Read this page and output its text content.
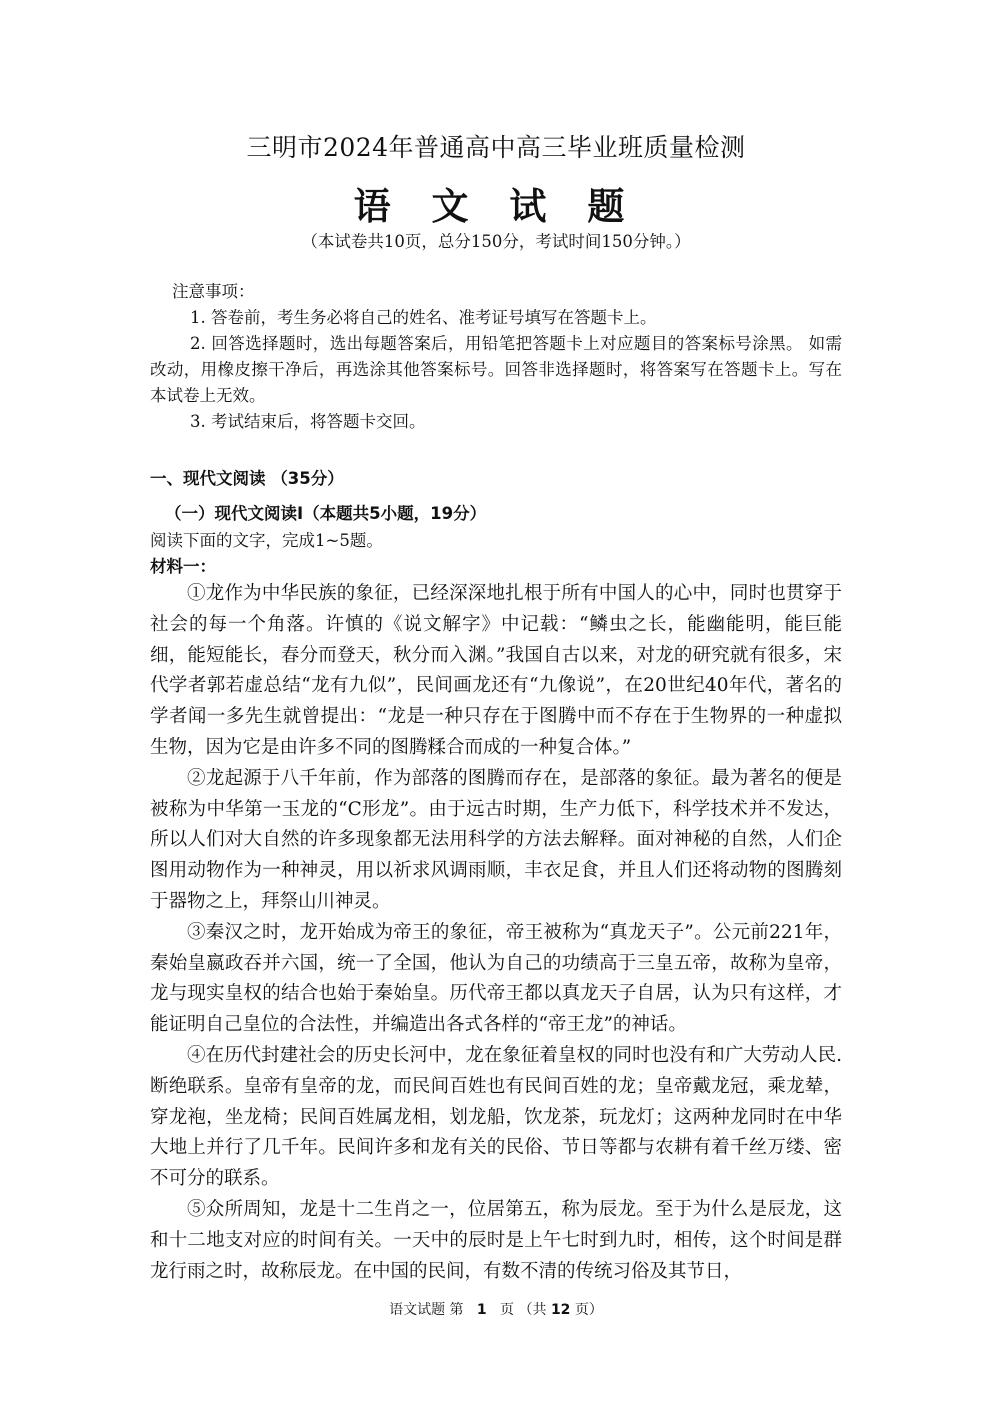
三明市2024年普通高中高三毕业班质量检测
语 文 试 题
（本试卷共10页，总分150分，考试时间150分钟。）
注意事项：
1. 答卷前，考生务必将自己的姓名、准考证号填写在答题卡上。
2. 回答选择题时，选出每题答案后，用铅笔把答题卡上对应题目的答案标号涂黑。 如需改动，用橡皮擦干净后，再选涂其他答案标号。回答非选择题时，将答案写在答题卡上。写在本试卷上无效。
3. 考试结束后，将答题卡交回。
一、现代文阅读 （35分）
（一）现代文阅读Ⅰ（本题共5小题，19分）
阅读下面的文字，完成1~5题。
材料一：

①龙作为中华民族的象征，已经深深地扎根于所有中国人的心中，同时也贯穿于社会的每一个角落。许慎的《说文解字》中记载：“鳞虫之长，能幽能明，能巨能细，能短能长，春分而登天，秋分而入渊。”我国自古以来，对龙的研究就有很多，宋代学者郭若虚总结“龙有九似”，民间画龙还有“九像说”，在20世纪40年代，著名的学者闻一多先生就曾提出：“龙是一种只存在于图腾中而不存在于生物界的一种虚拟生物，因为它是由许多不同的图腾糅合而成的一种复合体。”

②龙起源于八千年前，作为部落的图腾而存在，是部落的象征。最为著名的便是被称为中华第一玉龙的“C形龙”。由于远古时期，生产力低下，科学技术并不发达，所以人们对大自然的许多现象都无法用科学的方法去解释。面对神秘的自然，人们企图用动物作为一种神灵，用以祈求风调雨顺，丰衣足食，并且人们还将动物的图腾刻于器物之上，拜祭山川神灵。

③秦汉之时，龙开始成为帝王的象征，帝王被称为“真龙天子”。公元前221年，秦始皇嬴政吞并六国，统一了全国，他认为自己的功绩高于三皇五帝，故称为皇帝，龙与现实皇权的结合也始于秦始皇。历代帝王都以真龙天子自居，认为只有这样，才能证明自己皇位的合法性，并编造出各式各样的“帝王龙”的神话。

④在历代封建社会的历史长河中，龙在象征着皇权的同时也没有和广大劳动人民.断绝联系。皇帝有皇帝的龙，而民间百姓也有民间百姓的龙；皇帝戴龙冠，乘龙辇，穿龙袍，坐龙椅；民间百姓属龙相，划龙船，饮龙茶，玩龙灯；这两种龙同时在中华大地上并行了几千年。民间许多和龙有关的民俗、节日等都与农耕有着千丝万缕、密不可分的联系。

⑤众所周知，龙是十二生肖之一，位居第五，称为辰龙。至于为什么是辰龙，这和十二地支对应的时间有关。一天中的辰时是上午七时到九时，相传，这个时间是群龙行雨之时，故称辰龙。在中国的民间，有数不清的传统习俗及其节日，

语文试题 第 1 页 （共 12 页）
